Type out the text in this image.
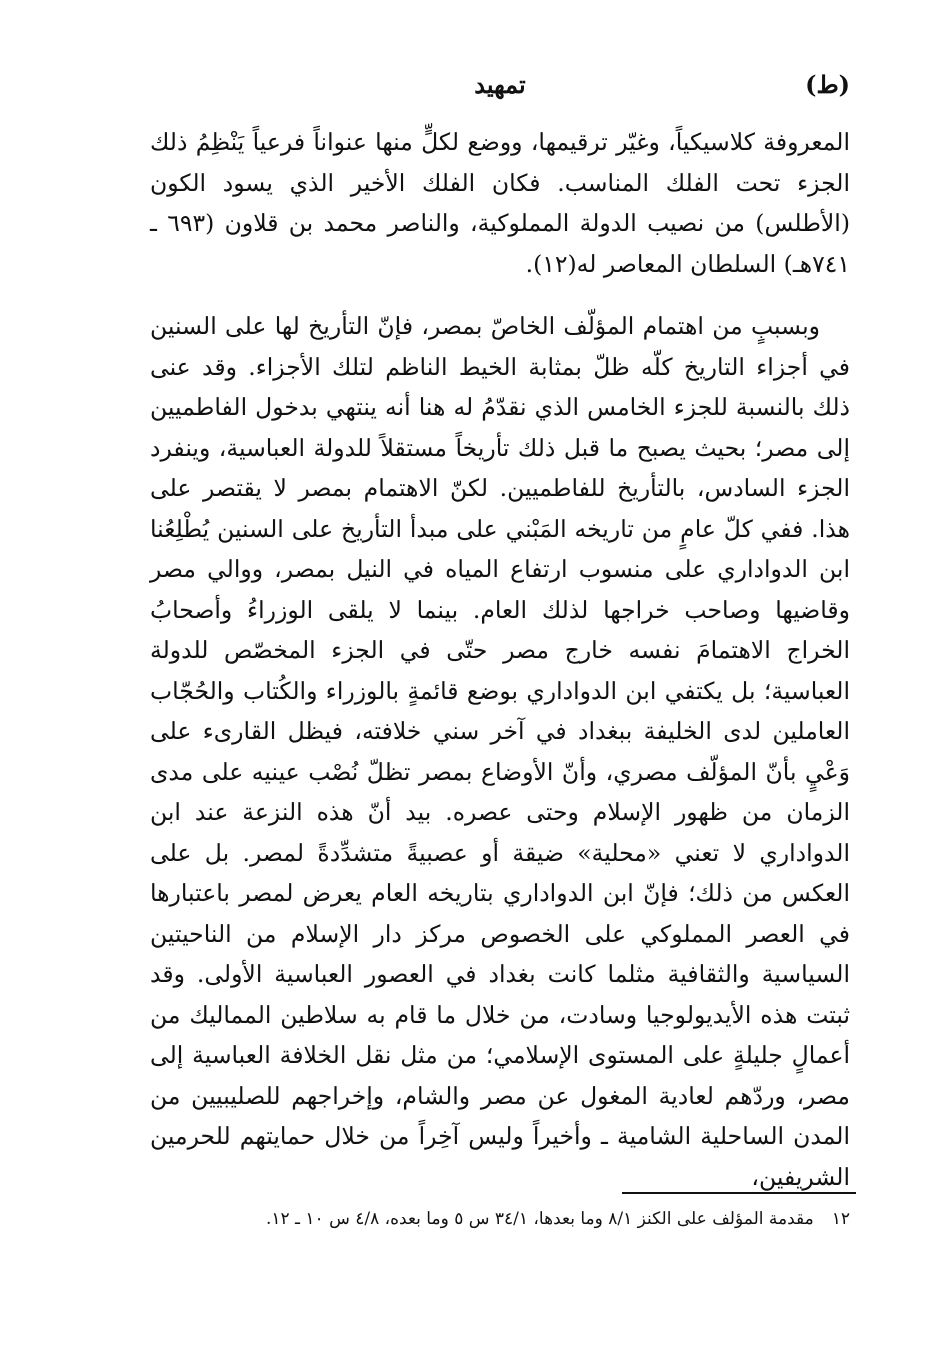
(ط)
تمهيد

المعروفة كلاسيكياً، وغيّر ترقيمها، ووضع لكلٍّ منها عنواناً فرعياً يَنْظِمُ ذلك الجزء تحت الفلك المناسب. فكان الفلك الأخير الذي يسود الكون (الأطلس) من نصيب الدولة المملوكية، والناصر محمد بن قلاون (٦٩٣ ـ ٧٤١هـ) السلطان المعاصر له(١٢).

وبسببٍ من اهتمام المؤلّف الخاصّ بمصر، فإنّ التأريخ لها على السنين في أجزاء التاريخ كلّه ظلّ بمثابة الخيط الناظم لتلك الأجزاء. وقد عنى ذلك بالنسبة للجزء الخامس الذي نقدّمُ له هنا أنه ينتهي بدخول الفاطميين إلى مصر؛ بحيث يصبح ما قبل ذلك تأريخاً مستقلاً للدولة العباسية، وينفرد الجزء السادس، بالتأريخ للفاطميين. لكنّ الاهتمام بمصر لا يقتصر على هذا. ففي كلّ عامٍ من تاريخه المَبْني على مبدأ التأريخ على السنين يُطْلِعُنا ابن الدواداري على منسوب ارتفاع المياه في النيل بمصر، ووالي مصر وقاضيها وصاحب خراجها لذلك العام. بينما لا يلقى الوزراءُ وأصحابُ الخراج الاهتمامَ نفسه خارج مصر حتّى في الجزء المخصّص للدولة العباسية؛ بل يكتفي ابن الدواداري بوضع قائمةٍ بالوزراء والكُتاب والحُجّاب العاملين لدى الخليفة ببغداد في آخر سني خلافته، فيظل القارىء على وَعْيٍ بأنّ المؤلّف مصري، وأنّ الأوضاع بمصر تظلّ نُصْب عينيه على مدى الزمان من ظهور الإسلام وحتى عصره. بيد أنّ هذه النزعة عند ابن الدواداري لا تعني «محلية» ضيقة أو عصبيةً متشدِّدةً لمصر. بل على العكس من ذلك؛ فإنّ ابن الدواداري بتاريخه العام يعرض لمصر باعتبارها في العصر المملوكي على الخصوص مركز دار الإسلام من الناحيتين السياسية والثقافية مثلما كانت بغداد في العصور العباسية الأولى. وقد ثبتت هذه الأيديولوجيا وسادت، من خلال ما قام به سلاطين المماليك من أعمالٍ جليلةٍ على المستوى الإسلامي؛ من مثل نقل الخلافة العباسية إلى مصر، وردّهم لعادية المغول عن مصر والشام، وإخراجهم للصليبيين من المدن الساحلية الشامية ـ وأخيراً وليس آخِراً من خلال حمايتهم للحرمين الشريفين،

١٢مقدمة المؤلف على الكنز ٨/١ وما بعدها، ٣٤/١ س ٥ وما بعده، ٤/٨ س ١٠ ـ ١٢.
